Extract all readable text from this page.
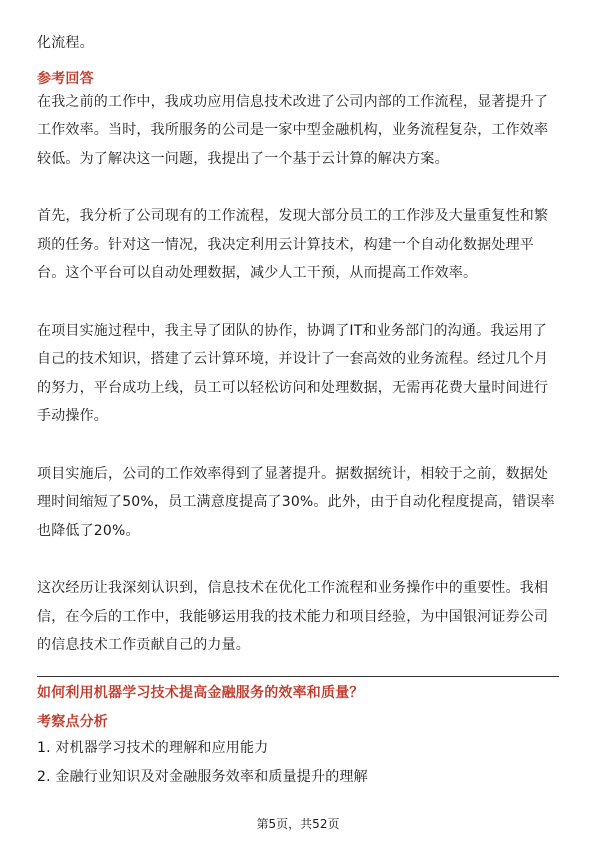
化流程。
参考回答
在我之前的工作中，我成功应用信息技术改进了公司内部的工作流程，显著提升了
工作效率。当时，我所服务的公司是一家中型金融机构，业务流程复杂，工作效率
较低。为了解决这一问题，我提出了一个基于云计算的解决方案。
首先，我分析了公司现有的工作流程，发现大部分员工的工作涉及大量重复性和繁
琐的任务。针对这一情况，我决定利用云计算技术，构建一个自动化数据处理平
台。这个平台可以自动处理数据，减少人工干预，从而提高工作效率。
在项目实施过程中，我主导了团队的协作，协调了IT和业务部门的沟通。我运用了
自己的技术知识，搭建了云计算环境，并设计了一套高效的业务流程。经过几个月
的努力，平台成功上线，员工可以轻松访问和处理数据，无需再花费大量时间进行
手动操作。
项目实施后，公司的工作效率得到了显著提升。据数据统计，相较于之前，数据处
理时间缩短了50%，员工满意度提高了30%。此外，由于自动化程度提高，错误率
也降低了20%。
这次经历让我深刻认识到，信息技术在优化工作流程和业务操作中的重要性。我相
信，在今后的工作中，我能够运用我的技术能力和项目经验，为中国银河证券公司
的信息技术工作贡献自己的力量。
如何利用机器学习技术提高金融服务的效率和质量？
考察点分析
1. 对机器学习技术的理解和应用能力
2. 金融行业知识及对金融服务效率和质量提升的理解
第5页，共52页
